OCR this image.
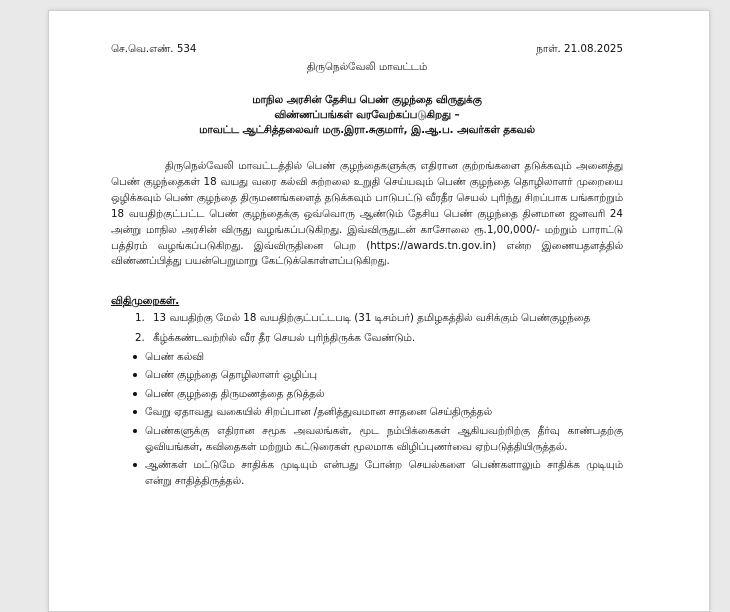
செ.வெ.எண். 534	நாள். 21.08.2025
திருநெல்வேலி மாவட்டம்
மாநில அரசின் தேசிய பெண் குழந்தை விருதுக்கு
விண்ணப்பங்கள் வரவேற்கப்படுகிறது –
மாவட்ட ஆட்சித்தலைவர் மரு.இரா.சுகுமார், இ.ஆ.ப. அவர்கள் தகவல்
திருநெல்வேலி மாவட்டத்தில் பெண் குழந்தைகளுக்கு எதிரான குற்றங்களை தடுக்கவும் அனைத்து பெண் குழந்தைகள் 18 வயது வரை கல்வி சுற்றலை உறுதி செய்யவும் பெண் குழந்தை தொழிலாளர் முறையை ஒழிக்கவும் பெண் குழந்தை திருமணங்களைத் தடுக்கவும் பாடுபட்டு வீரதீர செயல் புரிந்து சிறப்பாக பங்காற்றும் 18 வயதிற்குட்பட்ட பெண் குழந்தைக்கு ஒவ்வொரு ஆண்டும் தேசிய பெண் குழந்தை தினமான ஜனவரி 24 அன்று மாநில அரசின் விருது வழங்கப்படுகிறது. இவ்விருதுடன் காசோலை ரூ.1,00,000/- மற்றும் பாராட்டு பத்திரம் வழங்கப்படுகிறது. இவ்விருதினை பெற (https://awards.tn.gov.in) என்ற இணையதளத்தில் விண்ணப்பித்து பயன்பெறுமாறு கேட்டுக்கொள்ளப்படுகிறது.
விதிமுறைகள்.
1. 13 வயதிற்கு மேல் 18 வயதிற்குட்பட்டபடி (31 டிசம்பர்) தமிழகத்தில் வசிக்கும் பெண்குழந்தை
2. கீழ்க்கண்டவற்றில் வீர தீர செயல் புரிந்திருக்க வேண்டும்.
பெண் கல்வி
பெண் குழந்தை தொழிலாளர் ஒழிப்பு
பெண் குழந்தை திருமணத்தை தடுத்தல்
வேறு ஏதாவது வகையில் சிறப்பான /தனித்துவமான சாதனை செய்திருத்தல்
பெண்களுக்கு எதிரான சமூக அவலங்கள், மூட நம்பிக்கைகள் ஆகியவற்றிற்கு தீர்வு காண்பதற்கு ஓவியங்கள், கவிதைகள் மற்றும் கட்டுரைகள் மூலமாக விழிப்புணர்வை ஏற்படுத்தியிருத்தல்.
ஆண்கள் மட்டுமே சாதிக்க முடியும் என்பது போன்ற செயல்களை பெண்களாலும் சாதிக்க முடியும் என்று சாதித்திருத்தல்.
